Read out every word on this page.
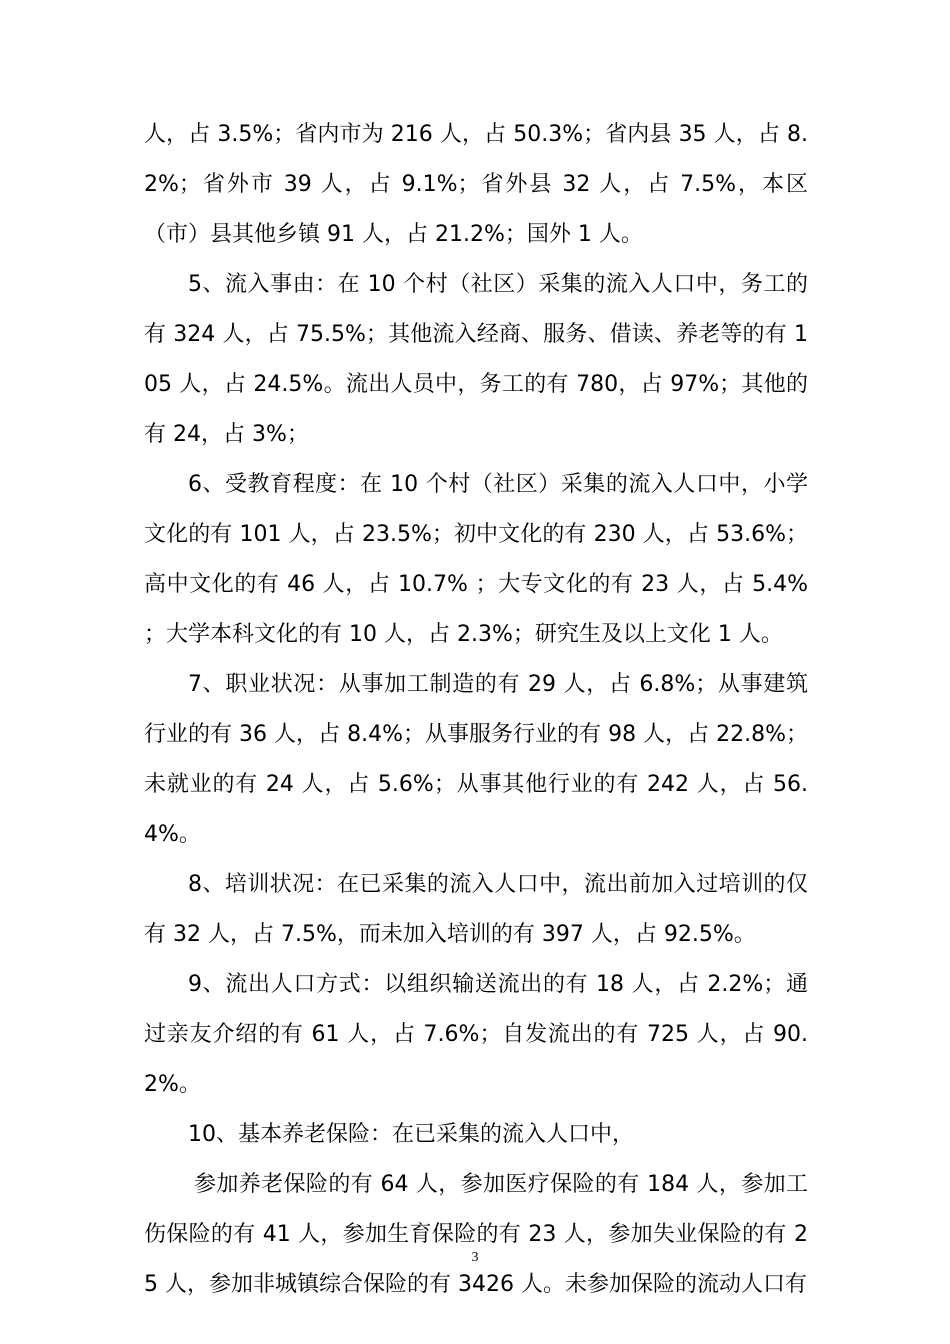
人，占 3.5%；省内市为 216 人，占 50.3%；省内县 35 人，占 8.2%；省外市 39 人，占 9.1%；省外县 32 人，占 7.5%，本区（市）县其他乡镇 91 人，占 21.2%；国外 1 人。

5、流入事由：在 10 个村（社区）采集的流入人口中，务工的有 324 人，占 75.5%；其他流入经商、服务、借读、养老等的有 105 人，占 24.5%。流出人员中，务工的有 780，占 97%；其他的有 24，占 3%；

6、受教育程度：在 10 个村（社区）采集的流入人口中，小学文化的有 101 人，占 23.5%；初中文化的有 230 人，占 53.6%；高中文化的有 46 人，占 10.7% ；大专文化的有 23 人，占 5.4% ；大学本科文化的有 10 人，占 2.3%；研究生及以上文化 1 人。

7、职业状况：从事加工制造的有 29 人，占 6.8%；从事建筑行业的有 36 人，占 8.4%；从事服务行业的有 98 人，占 22.8%；未就业的有 24 人，占 5.6%；从事其他行业的有 242 人，占 56.4%。

8、培训状况：在已采集的流入人口中，流出前加入过培训的仅有 32 人，占 7.5%，而未加入培训的有 397 人，占 92.5%。

9、流出人口方式：以组织输送流出的有 18 人，占 2.2%；通过亲友介绍的有 61 人，占 7.6%；自发流出的有 725 人，占 90.2%。

10、基本养老保险：在已采集的流入人口中，

参加养老保险的有 64 人，参加医疗保险的有 184 人，参加工伤保险的有 41 人，参加生育保险的有 23 人，参加失业保险的有 25 人，参加非城镇综合保险的有 3426 人。未参加保险的流动人口有

3
